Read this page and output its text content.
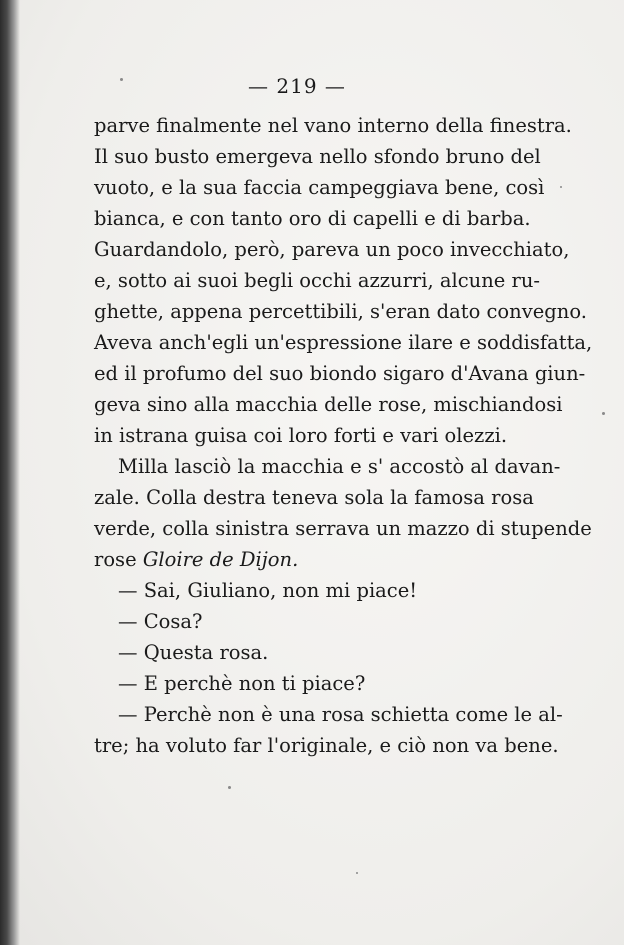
— 219 —
parve finalmente nel vano interno della finestra.
Il suo busto emergeva nello sfondo bruno del
vuoto, e la sua faccia campeggiava bene, così
bianca, e con tanto oro di capelli e di barba.
Guardandolo, però, pareva un poco invecchiato,
e, sotto ai suoi begli occhi azzurri, alcune ru-
ghette, appena percettibili, s'eran dato convegno.
Aveva anch'egli un'espressione ilare e soddisfatta,
ed il profumo del suo biondo sigaro d'Avana giun-
geva sino alla macchia delle rose, mischiandosi
in istrana guisa coi loro forti e vari olezzi.
Milla lasciò la macchia e s' accostò al davan-
zale. Colla destra teneva sola la famosa rosa
verde, colla sinistra serrava un mazzo di stupende
rose Gloire de Dijon.
— Sai, Giuliano, non mi piace!
— Cosa?
— Questa rosa.
— E perchè non ti piace?
— Perchè non è una rosa schietta come le al-
tre; ha voluto far l'originale, e ciò non va bene.
